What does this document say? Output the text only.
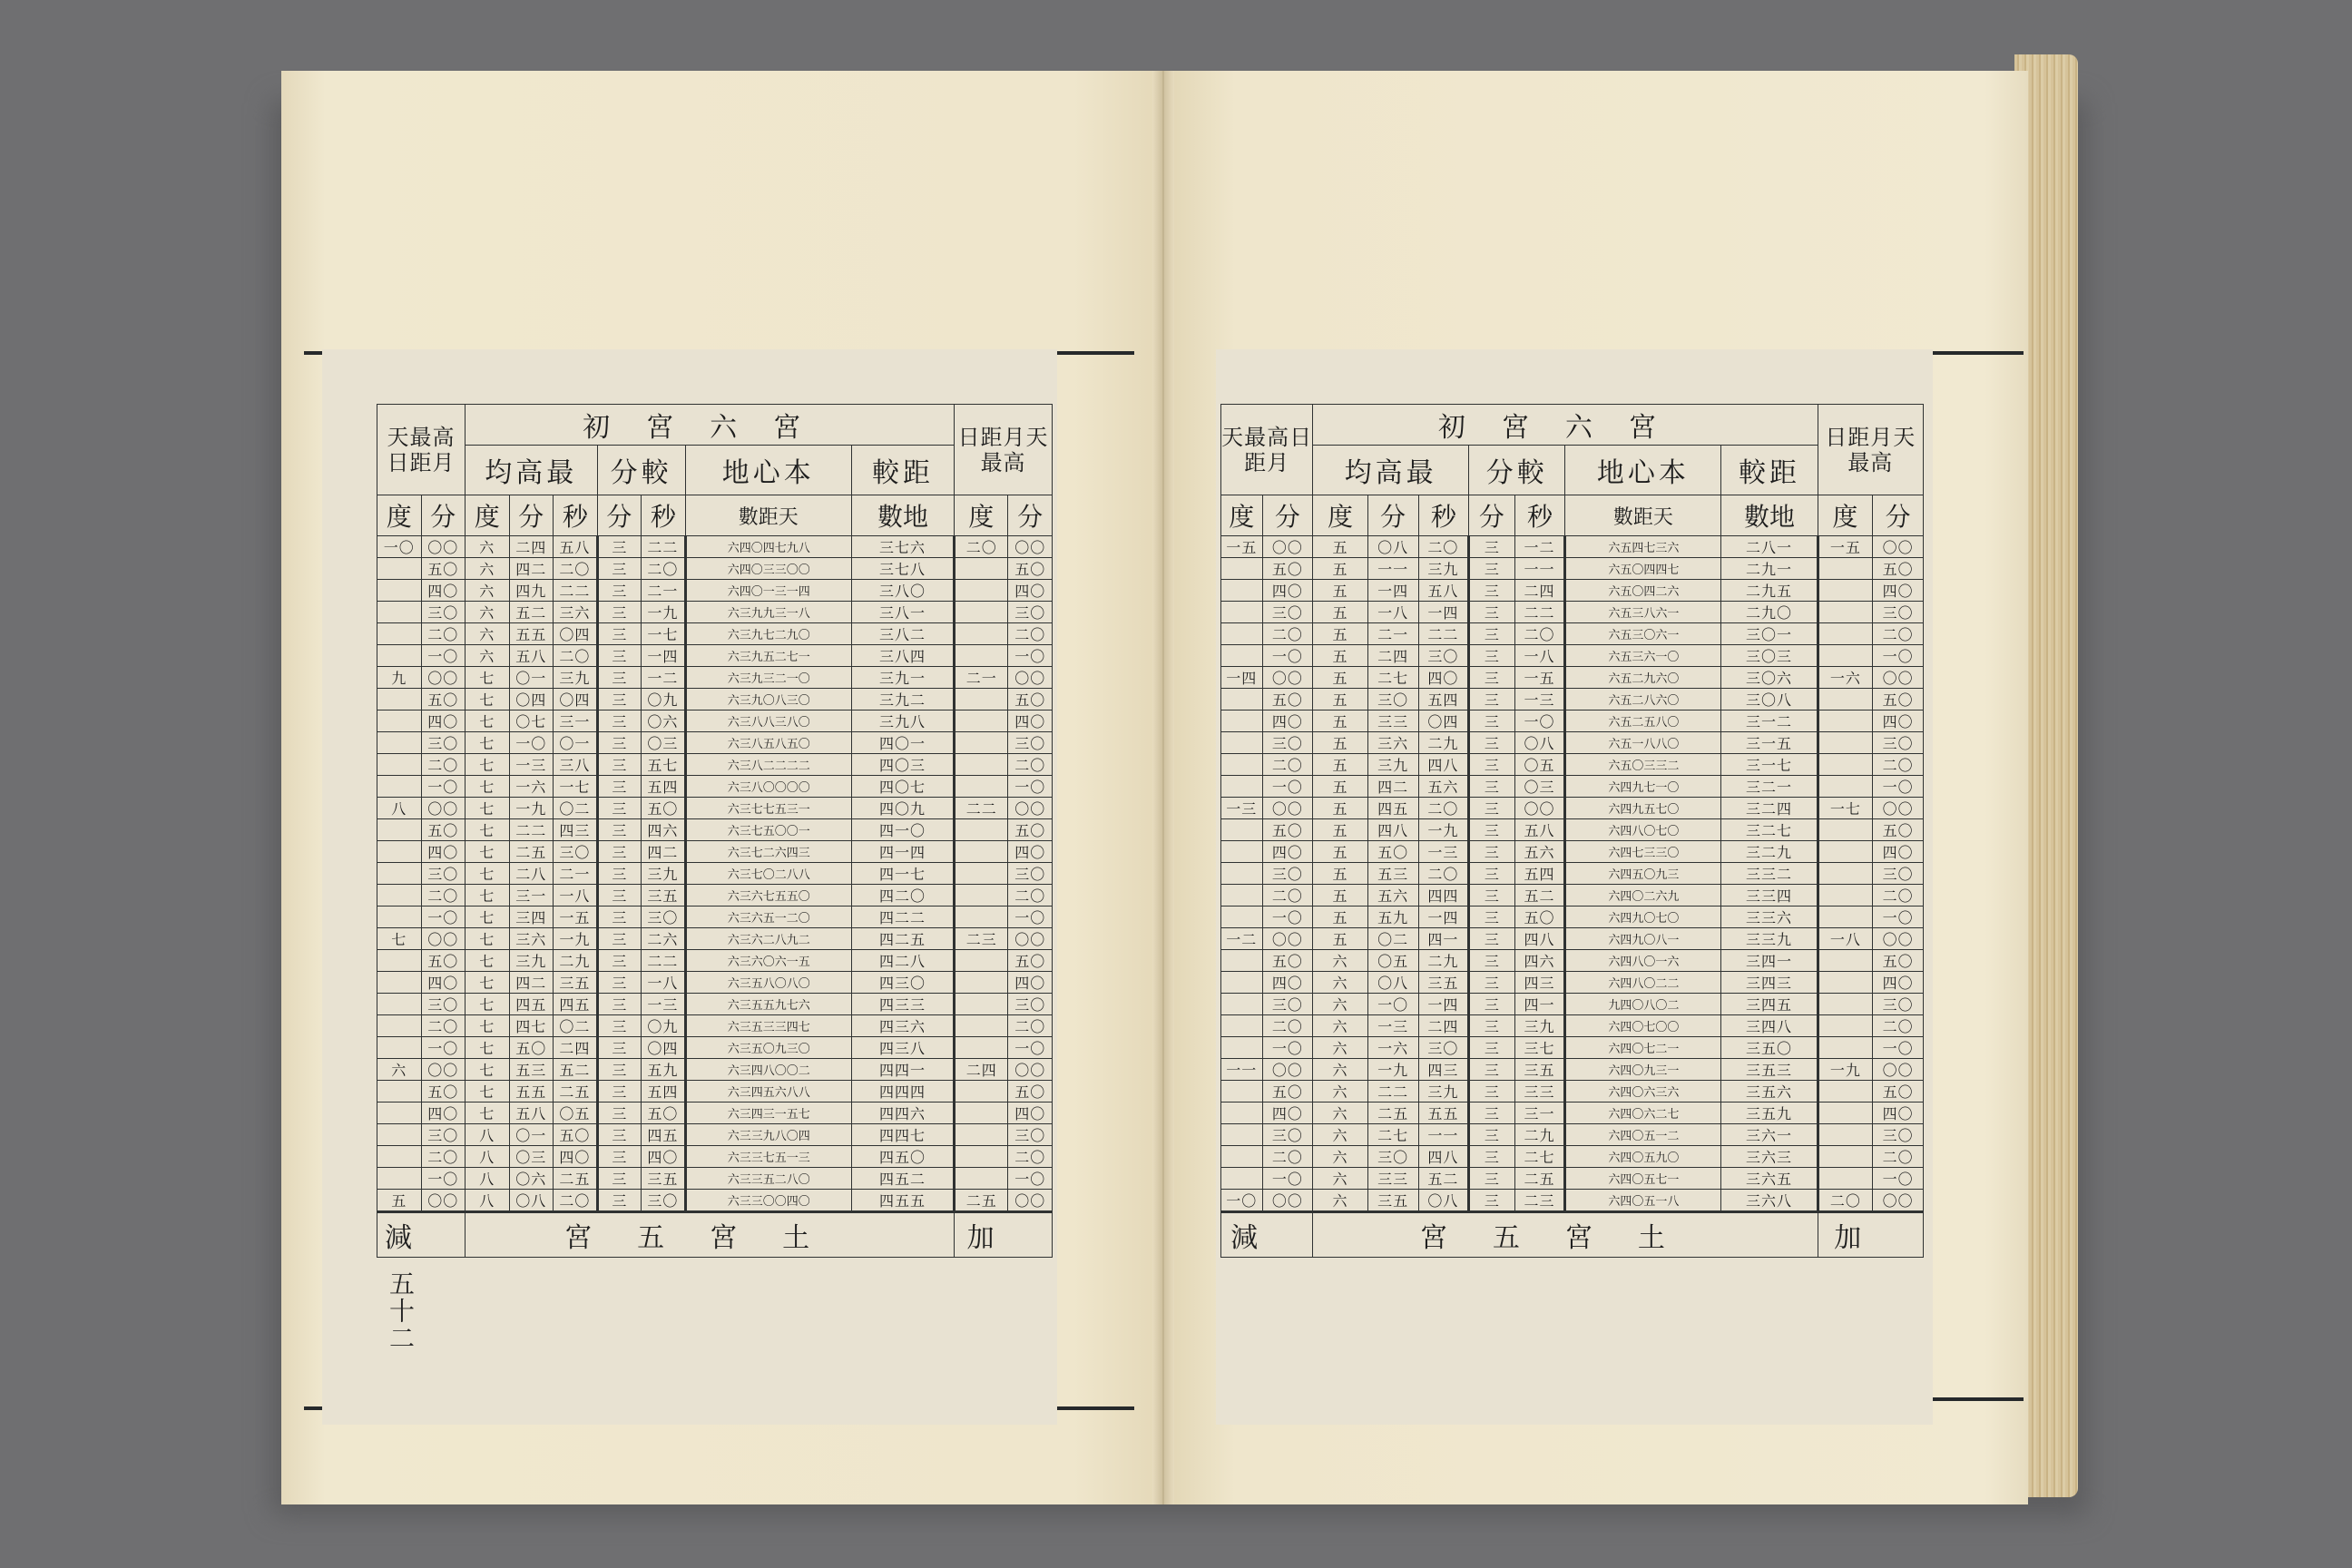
五十二
天最高日距月		初宮六宮							日距月天最高	
		均高最			分較		地心本	較距		
度	分	度	分	秒	分	秒	數距天	數地	度	分
一〇	〇〇	六	二四	五八	三	二二	六四〇四七九八	三七六	二〇	〇〇
	五〇	六	四二	二〇	三	二〇	六四〇三三〇〇	三七八		五〇
	四〇	六	四九	二二	三	二一	六四〇一三一四	三八〇		四〇
	三〇	六	五二	三六	三	一九	六三九九三一八	三八一		三〇
	二〇	六	五五	〇四	三	一七	六三九七二九〇	三八二		二〇
	一〇	六	五八	二〇	三	一四	六三九五二七一	三八四		一〇
九	〇〇	七	〇一	三九	三	一二	六三九三二一〇	三九一	二一	〇〇
	五〇	七	〇四	〇四	三	〇九	六三九〇八三〇	三九二		五〇
	四〇	七	〇七	三一	三	〇六	六三八八三八〇	三九八		四〇
	三〇	七	一〇	〇一	三	〇三	六三八五八五〇	四〇一		三〇
	二〇	七	一三	三八	三	五七	六三八二二二二	四〇三		二〇
	一〇	七	一六	一七	三	五四	六三八〇〇〇〇	四〇七		一〇
八	〇〇	七	一九	〇二	三	五〇	六三七七五三一	四〇九	二二	〇〇
	五〇	七	二二	四三	三	四六	六三七五〇〇一	四一〇		五〇
	四〇	七	二五	三〇	三	四二	六三七二六四三	四一四		四〇
	三〇	七	二八	二一	三	三九	六三七〇二八八	四一七		三〇
	二〇	七	三一	一八	三	三五	六三六七五五〇	四二〇		二〇
	一〇	七	三四	一五	三	三〇	六三六五一二〇	四二二		一〇
七	〇〇	七	三六	一九	三	二六	六三六二八九二	四二五	二三	〇〇
	五〇	七	三九	二九	三	二二	六三六〇六一五	四二八		五〇
	四〇	七	四二	三五	三	一八	六三五八〇八〇	四三〇		四〇
	三〇	七	四五	四五	三	一三	六三五五九七六	四三三		三〇
	二〇	七	四七	〇二	三	〇九	六三五三三四七	四三六		二〇
	一〇	七	五〇	二四	三	〇四	六三五〇九三〇	四三八		一〇
六	〇〇	七	五三	五二	三	五九	六三四八〇〇二	四四一	二四	〇〇
	五〇	七	五五	二五	三	五四	六三四五六八八	四四四		五〇
	四〇	七	五八	〇五	三	五〇	六三四三一五七	四四六		四〇
	三〇	八	〇一	五〇	三	四五	六三三九八〇四	四四七		三〇
	二〇	八	〇三	四〇	三	四〇	六三三七五一三	四五〇		二〇
	一〇	八	〇六	二五	三	三五	六三三五二八〇	四五二		一〇
五	〇〇	八	〇八	二〇	三	三〇	六三三〇〇四〇	四五五	二五	〇〇
減		宮五宮土							加	
天最高日距月		初宮六宮							日距月天最高	
		均高最			分較		地心本	較距		
度	分	度	分	秒	分	秒	數距天	數地	度	分
一五	〇〇	五	〇八	二〇	三	一二	六五四七三六	二八一	一五	〇〇
	五〇	五	一一	三九	三	一一	六五〇四四七	二九一		五〇
	四〇	五	一四	五八	三	二四	六五〇四二六	二九五		四〇
	三〇	五	一八	一四	三	二二	六五三八六一	二九〇		三〇
	二〇	五	二一	二二	三	二〇	六五三〇六一	三〇一		二〇
	一〇	五	二四	三〇	三	一八	六五三六一〇	三〇三		一〇
一四	〇〇	五	二七	四〇	三	一五	六五二九六〇	三〇六	一六	〇〇
	五〇	五	三〇	五四	三	一三	六五二八六〇	三〇八		五〇
	四〇	五	三三	〇四	三	一〇	六五二五八〇	三一二		四〇
	三〇	五	三六	二九	三	〇八	六五一八八〇	三一五		三〇
	二〇	五	三九	四八	三	〇五	六五〇三三二	三一七		二〇
	一〇	五	四二	五六	三	〇三	六四九七一〇	三二一		一〇
一三	〇〇	五	四五	二〇	三	〇〇	六四九五七〇	三二四	一七	〇〇
	五〇	五	四八	一九	三	五八	六四八〇七〇	三二七		五〇
	四〇	五	五〇	一三	三	五六	六四七三三〇	三二九		四〇
	三〇	五	五三	二〇	三	五四	六四五〇九三	三三二		三〇
	二〇	五	五六	四四	三	五二	六四〇二六九	三三四		二〇
	一〇	五	五九	一四	三	五〇	六四九〇七〇	三三六		一〇
一二	〇〇	五	〇二	四一	三	四八	六四九〇八一	三三九	一八	〇〇
	五〇	六	〇五	二九	三	四六	六四八〇一六	三四一		五〇
	四〇	六	〇八	三五	三	四三	六四八〇二二	三四三		四〇
	三〇	六	一〇	一四	三	四一	九四〇八〇二	三四五		三〇
	二〇	六	一三	二四	三	三九	六四〇七〇〇	三四八		二〇
	一〇	六	一六	三〇	三	三七	六四〇七二一	三五〇		一〇
一一	〇〇	六	一九	四三	三	三五	六四〇九三一	三五三	一九	〇〇
	五〇	六	二二	三九	三	三三	六四〇六三六	三五六		五〇
	四〇	六	二五	五五	三	三一	六四〇六二七	三五九		四〇
	三〇	六	二七	一一	三	二九	六四〇五一二	三六一		三〇
	二〇	六	三〇	四八	三	二七	六四〇五九〇	三六三		二〇
	一〇	六	三三	五二	三	二五	六四〇五七一	三六五		一〇
一〇	〇〇	六	三五	〇八	三	二三	六四〇五一八	三六八	二〇	〇〇
減		宮五宮土							加	
